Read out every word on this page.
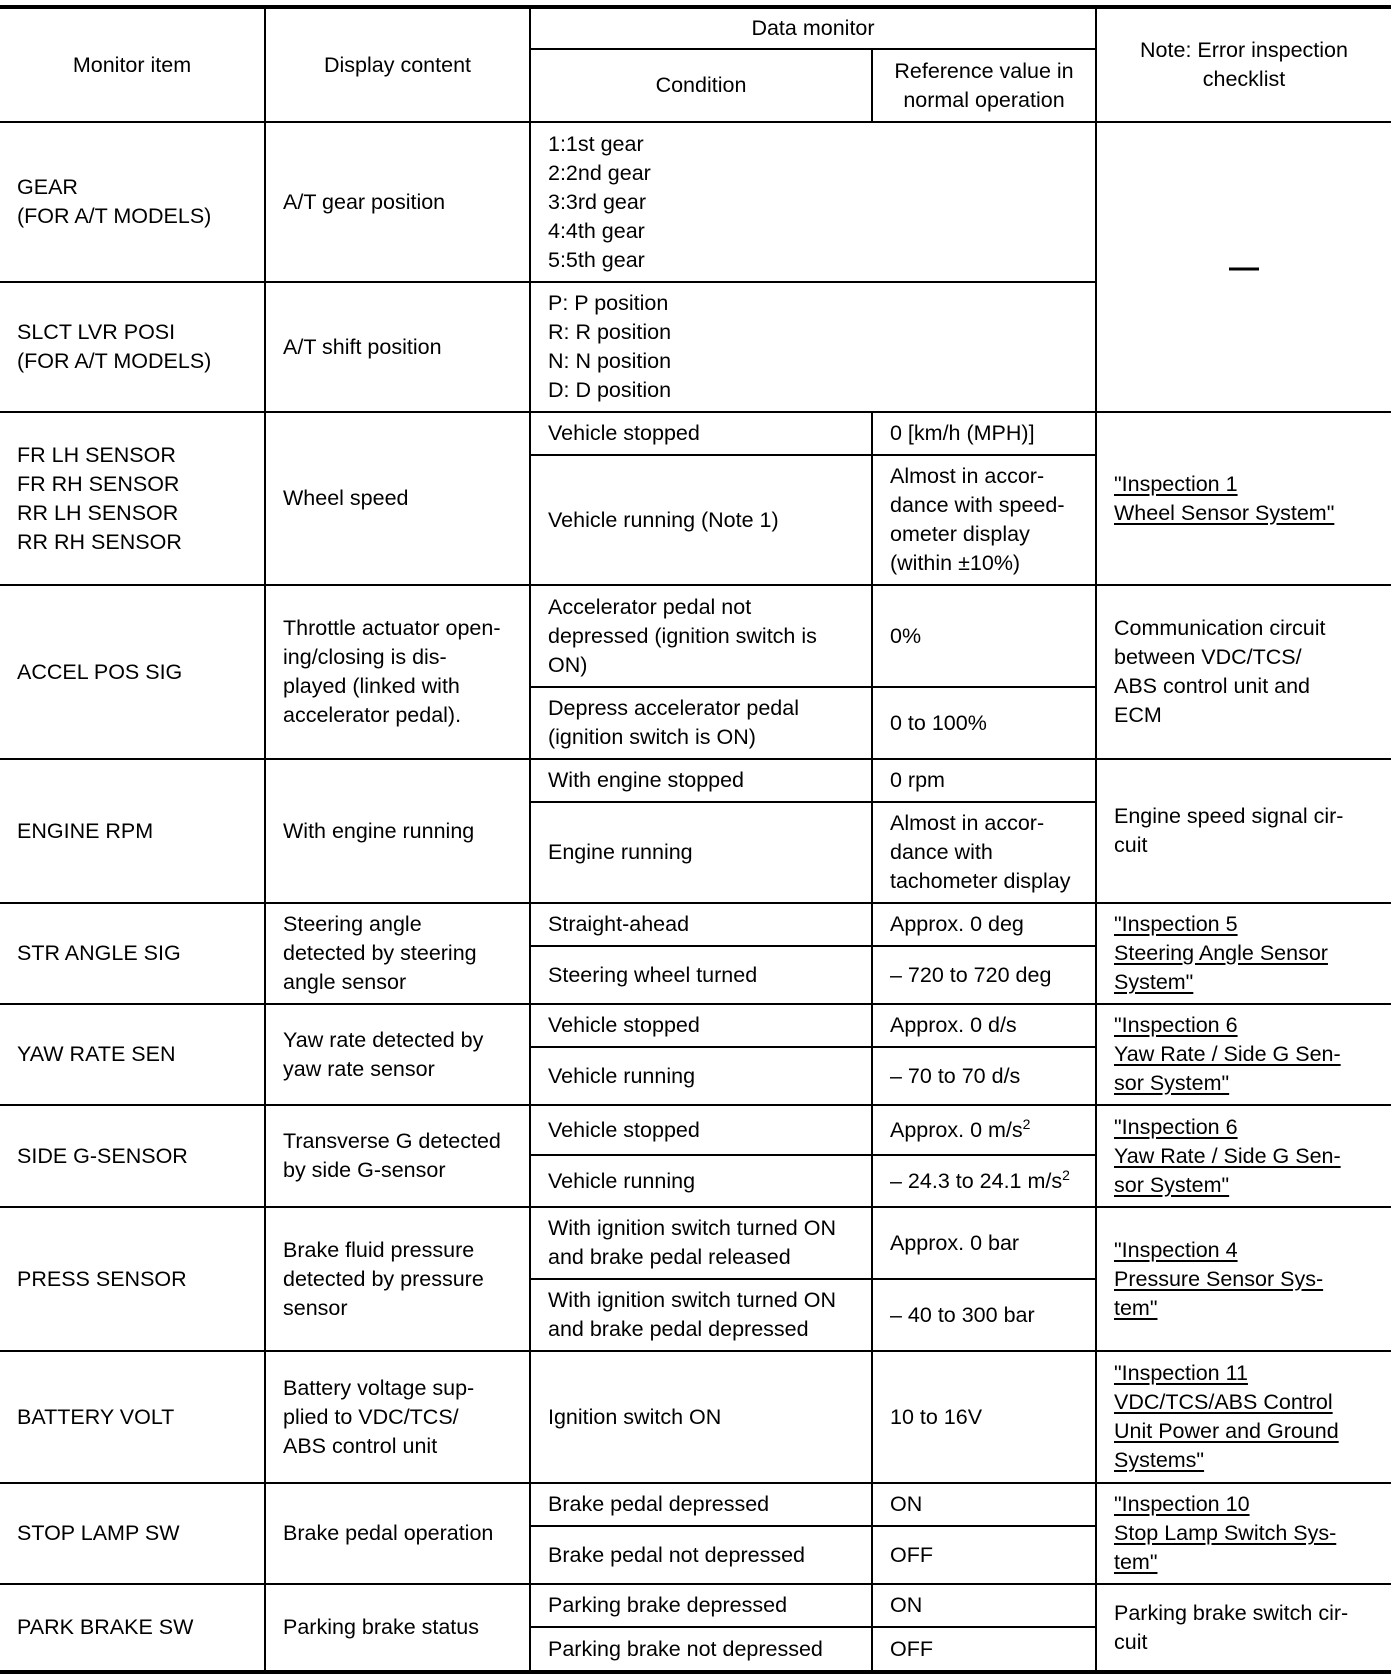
Monitor item	Display content	Data monitor		Note: Error inspection checklist
		Condition	Reference value in normal operation	
GEAR
(FOR A/T MODELS)	A/T gear position	1:1st gear
2:2nd gear
3:3rd gear
4:4th gear
5:5th gear		—

SLCT LVR POSI
(FOR A/T MODELS)	A/T shift position	P: P position
R: R position
N: N position
D: D position		
FR LH SENSOR
FR RH SENSOR
RR LH SENSOR
RR RH SENSOR	Wheel speed	Vehicle stopped	0 [km/h (MPH)]	"Inspection 1
Wheel Sensor System"
		Vehicle running (Note 1)	Almost in accor-
dance with speed-
ometer display
(within ±10%)	
ACCEL POS SIG	Throttle actuator open-
ing/closing is dis-
played (linked with
accelerator pedal).	Accelerator pedal not
depressed (ignition switch is
ON)	0%	Communication circuit
between VDC/TCS/
ABS control unit and
ECM
		Depress accelerator pedal
(ignition switch is ON)	0 to 100%	
ENGINE RPM	With engine running	With engine stopped	0 rpm	Engine speed signal cir-
cuit
		Engine running	Almost in accor-
dance with
tachometer display	
STR ANGLE SIG	Steering angle
detected by steering
angle sensor	Straight-ahead	Approx. 0 deg	"Inspection 5
Steering Angle Sensor
System"
		Steering wheel turned	– 720 to 720 deg	
YAW RATE SEN	Yaw rate detected by
yaw rate sensor	Vehicle stopped	Approx. 0 d/s	"Inspection 6
Yaw Rate / Side G Sen-
sor System"
		Vehicle running	– 70 to 70 d/s	
SIDE G-SENSOR	Transverse G detected
by side G-sensor	Vehicle stopped	Approx. 0 $m/s^2$	"Inspection 6
Yaw Rate / Side G Sen-
sor System"
		Vehicle running	– 24.3 to 24.1 $m/s^2$
PRESS SENSOR	Brake fluid pressure
detected by pressure
sensor	With ignition switch turned ON
and brake pedal released	Approx. 0 bar	"Inspection 4
Pressure Sensor Sys-
tem"
		With ignition switch turned ON
and brake pedal depressed	– 40 to 300 bar	
BATTERY VOLT	Battery voltage sup-
plied to VDC/TCS/
ABS control unit	Ignition switch ON	10 to 16V	"Inspection 11
VDC/TCS/ABS Control
Unit Power and Ground
Systems"
STOP LAMP SW	Brake pedal operation	Brake pedal depressed	ON	"Inspection 10
Stop Lamp Switch Sys-
tem"
		Brake pedal not depressed	OFF	
PARK BRAKE SW	Parking brake status	Parking brake depressed	ON	Parking brake switch cir-
cuit
		Parking brake not depressed	OFF	
